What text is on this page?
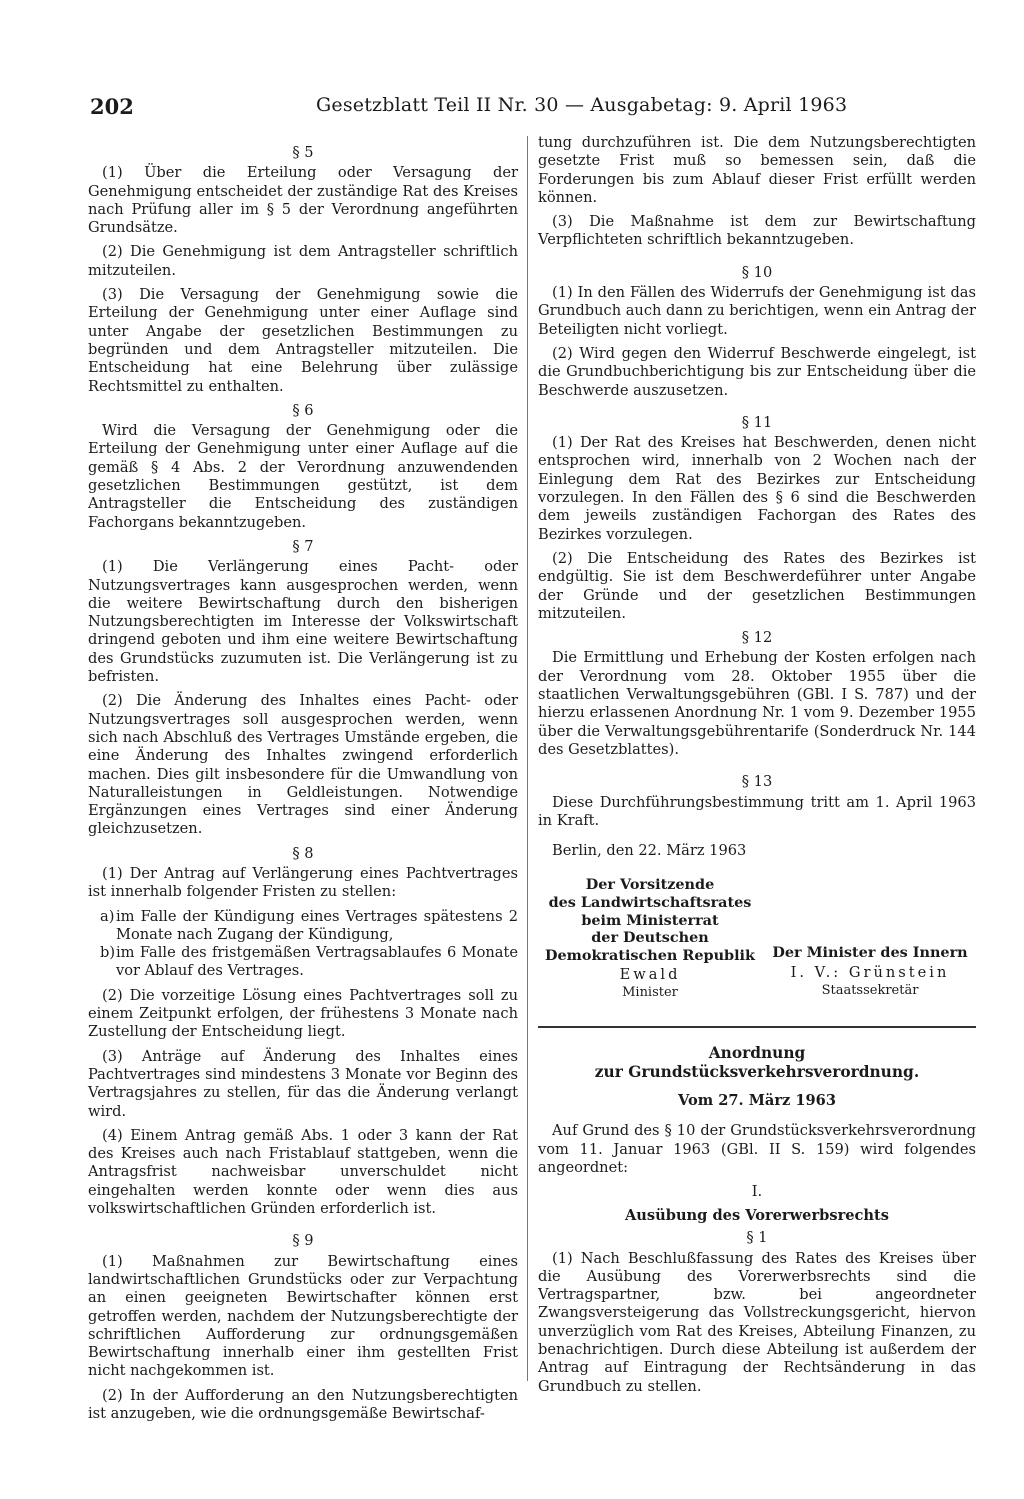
202	Gesetzblatt Teil II Nr. 30 — Ausgabetag: 9. April 1963
§ 5

(1) Über die Erteilung oder Versagung der Genehmigung entscheidet der zuständige Rat des Kreises nach Prüfung aller im § 5 der Verordnung angeführten Grundsätze.

(2) Die Genehmigung ist dem Antragsteller schriftlich mitzuteilen.

(3) Die Versagung der Genehmigung sowie die Erteilung der Genehmigung unter einer Auflage sind unter Angabe der gesetzlichen Bestimmungen zu begründen und dem Antragsteller mitzuteilen. Die Entscheidung hat eine Belehrung über zulässige Rechtsmittel zu enthalten.

§ 6

Wird die Versagung der Genehmigung oder die Erteilung der Genehmigung unter einer Auflage auf die gemäß § 4 Abs. 2 der Verordnung anzuwendenden gesetzlichen Bestimmungen gestützt, ist dem Antragsteller die Entscheidung des zuständigen Fachorgans bekanntzugeben.

§ 7

(1) Die Verlängerung eines Pacht- oder Nutzungsvertrages kann ausgesprochen werden, wenn die weitere Bewirtschaftung durch den bisherigen Nutzungsberechtigten im Interesse der Volkswirtschaft dringend geboten und ihm eine weitere Bewirtschaftung des Grundstücks zuzumuten ist. Die Verlängerung ist zu befristen.

(2) Die Änderung des Inhaltes eines Pacht- oder Nutzungsvertrages soll ausgesprochen werden, wenn sich nach Abschluß des Vertrages Umstände ergeben, die eine Änderung des Inhaltes zwingend erforderlich machen. Dies gilt insbesondere für die Umwandlung von Naturalleistungen in Geldleistungen. Notwendige Ergänzungen eines Vertrages sind einer Änderung gleichzusetzen.

§ 8

(1) Der Antrag auf Verlängerung eines Pachtvertrages ist innerhalb folgender Fristen zu stellen:

a) im Falle der Kündigung eines Vertrages spätestens 2 Monate nach Zugang der Kündigung,
b) im Falle des fristgemäßen Vertragsablaufes 6 Monate vor Ablauf des Vertrages.

(2) Die vorzeitige Lösung eines Pachtvertrages soll zu einem Zeitpunkt erfolgen, der frühestens 3 Monate nach Zustellung der Entscheidung liegt.

(3) Anträge auf Änderung des Inhaltes eines Pachtvertrages sind mindestens 3 Monate vor Beginn des Vertragsjahres zu stellen, für das die Änderung verlangt wird.

(4) Einem Antrag gemäß Abs. 1 oder 3 kann der Rat des Kreises auch nach Fristablauf stattgeben, wenn die Antragsfrist nachweisbar unverschuldet nicht eingehalten werden konnte oder wenn dies aus volkswirtschaftlichen Gründen erforderlich ist.

§ 9

(1) Maßnahmen zur Bewirtschaftung eines landwirtschaftlichen Grundstücks oder zur Verpachtung an einen geeigneten Bewirtschafter können erst getroffen werden, nachdem der Nutzungsberechtigte der schriftlichen Aufforderung zur ordnungsgemäßen Bewirtschaftung innerhalb einer ihm gestellten Frist nicht nachgekommen ist.

(2) In der Aufforderung an den Nutzungsberechtigten ist anzugeben, wie die ordnungsgemäße Bewirtschaf-

tung durchzuführen ist. Die dem Nutzungsberechtigten gesetzte Frist muß so bemessen sein, daß die Forderungen bis zum Ablauf dieser Frist erfüllt werden können.

(3) Die Maßnahme ist dem zur Bewirtschaftung Verpflichteten schriftlich bekanntzugeben.

§ 10

(1) In den Fällen des Widerrufs der Genehmigung ist das Grundbuch auch dann zu berichtigen, wenn ein Antrag der Beteiligten nicht vorliegt.

(2) Wird gegen den Widerruf Beschwerde eingelegt, ist die Grundbuchberichtigung bis zur Entscheidung über die Beschwerde auszusetzen.

§ 11

(1) Der Rat des Kreises hat Beschwerden, denen nicht entsprochen wird, innerhalb von 2 Wochen nach der Einlegung dem Rat des Bezirkes zur Entscheidung vorzulegen. In den Fällen des § 6 sind die Beschwerden dem jeweils zuständigen Fachorgan des Rates des Bezirkes vorzulegen.

(2) Die Entscheidung des Rates des Bezirkes ist endgültig. Sie ist dem Beschwerdeführer unter Angabe der Gründe und der gesetzlichen Bestimmungen mitzuteilen.

§ 12

Die Ermittlung und Erhebung der Kosten erfolgen nach der Verordnung vom 28. Oktober 1955 über die staatlichen Verwaltungsgebühren (GBl. I S. 787) und der hierzu erlassenen Anordnung Nr. 1 vom 9. Dezember 1955 über die Verwaltungsgebührentarife (Sonderdruck Nr. 144 des Gesetzblattes).

§ 13

Diese Durchführungsbestimmung tritt am 1. April 1963 in Kraft.

Berlin, den 22. März 1963
Der Vorsitzende
des Landwirtschaftsrates
beim Ministerrat
der Deutschen
Demokratischen Republik
Ewald
Minister
Der Minister des Innern
I. V.: Grünstein
Staatssekretär
Anordnung
zur Grundstücksverkehrsverordnung.
Vom 27. März 1963

Auf Grund des § 10 der Grundstücksverkehrsverordnung vom 11. Januar 1963 (GBl. II S. 159) wird folgendes angeordnet:

I.
Ausübung des Vorerwerbsrechts
§ 1

(1) Nach Beschlußfassung des Rates des Kreises über die Ausübung des Vorerwerbsrechts sind die Vertragspartner, bzw. bei angeordneter Zwangsversteigerung das Vollstreckungsgericht, hiervon unverzüglich vom Rat des Kreises, Abteilung Finanzen, zu benachrichtigen. Durch diese Abteilung ist außerdem der Antrag auf Eintragung der Rechtsänderung in das Grundbuch zu stellen.
